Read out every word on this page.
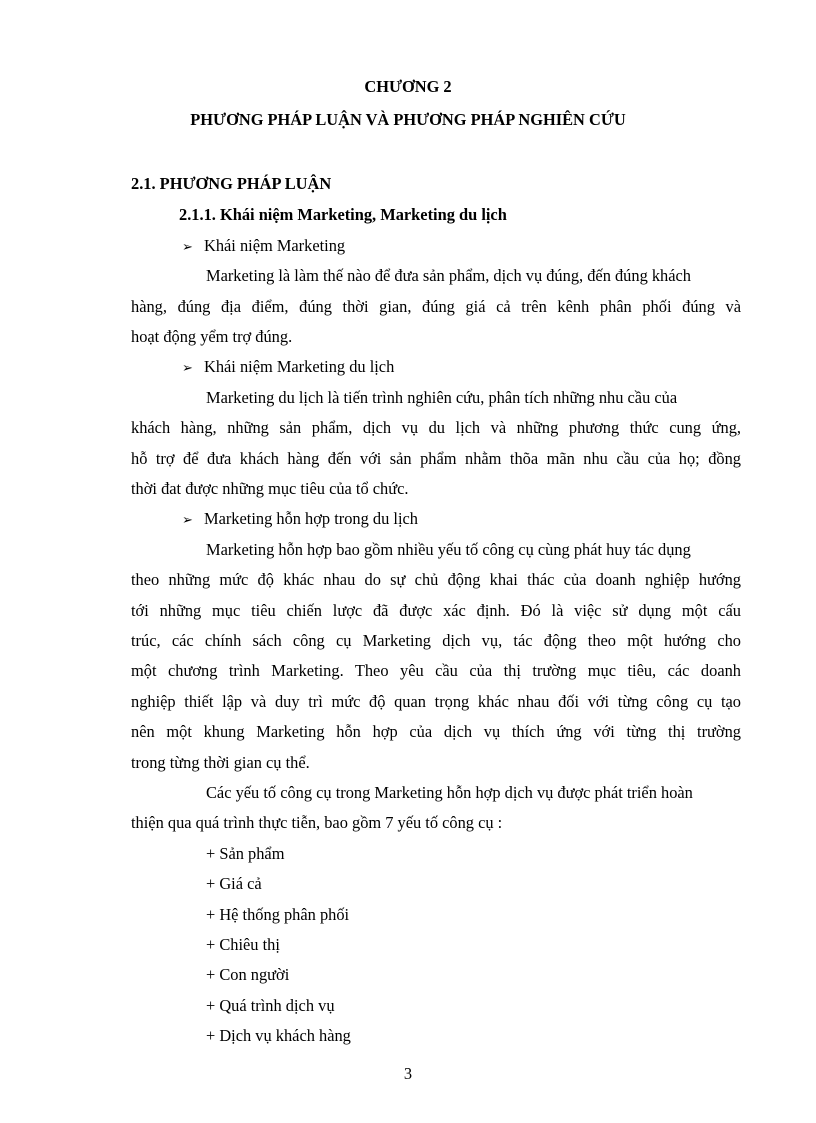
CHƯƠNG 2
PHƯƠNG PHÁP LUẬN VÀ PHƯƠNG PHÁP NGHIÊN CỨU
2.1. PHƯƠNG PHÁP LUẬN
2.1.1. Khái niệm Marketing, Marketing du lịch
➢ Khái niệm Marketing
Marketing là làm thế nào để đưa sản phẩm, dịch vụ đúng, đến đúng khách
hàng, đúng địa điểm, đúng thời gian, đúng giá cả trên kênh phân phối đúng và
hoạt động yểm trợ đúng.
➢ Khái niệm Marketing du lịch
Marketing du lịch là tiến trình nghiên cứu, phân tích những nhu cầu của
khách hàng, những sản phẩm, dịch vụ du lịch và những phương thức cung ứng,
hỗ trợ để đưa khách hàng đến với sản phẩm nhằm thõa mãn nhu cầu của họ; đồng
thời đat được những mục tiêu của tổ chức.
➢ Marketing hỗn hợp trong du lịch
Marketing hỗn hợp bao gồm nhiều yếu tố công cụ cùng phát huy tác dụng
theo những mức độ khác nhau do sự chủ động khai thác của doanh nghiệp hướng
tới những mục tiêu chiến lược đã được xác định. Đó là việc sử dụng một cấu
trúc, các chính sách công cụ Marketing dịch vụ, tác động theo một hướng cho
một chương trình Marketing. Theo yêu cầu của thị trường mục tiêu, các doanh
nghiệp thiết lập và duy trì mức độ quan trọng khác nhau đối với từng công cụ tạo
nên một khung Marketing hỗn hợp của dịch vụ thích ứng với từng thị trường
trong từng thời gian cụ thể.
Các yếu tố công cụ trong Marketing hỗn hợp dịch vụ được phát triển hoàn
thiện qua quá trình thực tiễn, bao gồm 7 yếu tố công cụ :
+ Sản phẩm
+ Giá cả
+ Hệ thống phân phối
+ Chiêu thị
+ Con người
+ Quá trình dịch vụ
+ Dịch vụ khách hàng
3
